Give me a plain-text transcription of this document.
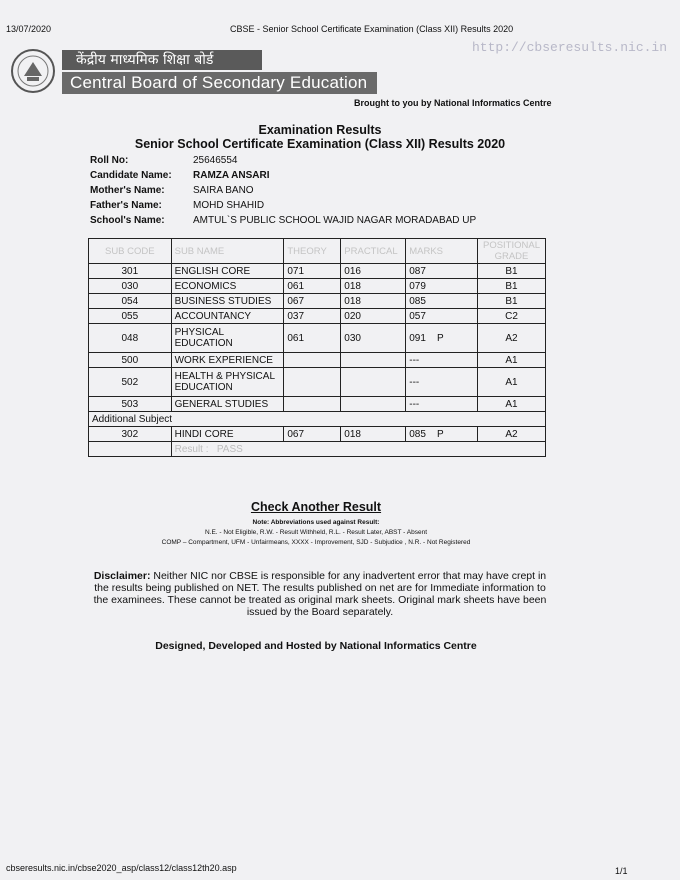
13/07/2020	CBSE - Senior School Certificate Examination (Class XII) Results 2020
http://cbseresults.nic.in
केंद्रीय माध्यमिक शिक्षा बोर्ड
Central Board of Secondary Education
Brought to you by National Informatics Centre
Examination Results
Senior School Certificate Examination (Class XII) Results 2020
Roll No:	25646554
Candidate Name: RAMZA ANSARI
Mother's Name:	SAIRA BANO
Father's Name:	MOHD SHAHID
School's Name:	AMTUL`S PUBLIC SCHOOL WAJID NAGAR MORADABAD UP
SUB CODE	SUB NAME	THEORY	PRACTICAL	MARKS	POSITIONAL GRADE
301	ENGLISH CORE	071	016	087	B1
030	ECONOMICS	061	018	079	B1
054	BUSINESS STUDIES	067	018	085	B1
055	ACCOUNTANCY	037	020	057	C2
048	PHYSICAL EDUCATION	061	030	091    P	A2
500	WORK EXPERIENCE			---	A1
502	HEALTH & PHYSICAL EDUCATION			---	A1
503	GENERAL STUDIES			---	A1
Additional Subject					
302	HINDI CORE	067	018	085    P	A2
	Result :   PASS				
Check Another Result
Note: Abbreviations used against Result:
N.E. - Not Eligible, R.W. - Result Withheld, R.L. - Result Later, ABST - Absent
COMP – Compartment, UFM - Unfairmeans, XXXX - Improvement, SJD - Subjudice , N.R. - Not Registered
Disclaimer: Neither NIC nor CBSE is responsible for any inadvertent error that may have crept in the results being published on NET. The results published on net are for Immediate information to the examinees. These cannot be treated as original mark sheets. Original mark sheets have been issued by the Board separately.
Designed, Developed and Hosted by National Informatics Centre
cbseresults.nic.in/cbse2020_asp/class12/class12th20.asp	1/1
